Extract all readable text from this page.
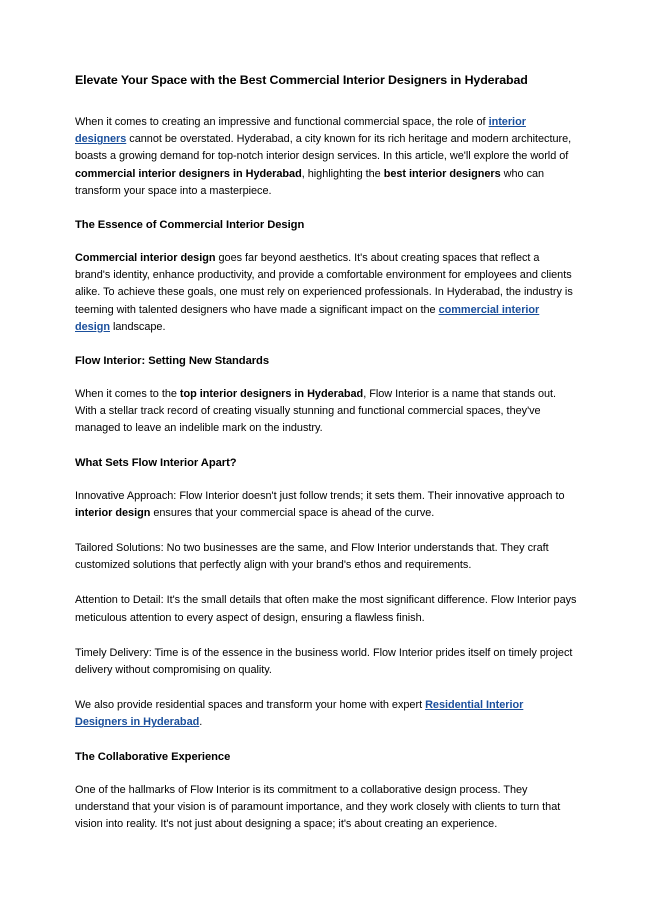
Elevate Your Space with the Best Commercial Interior Designers in Hyderabad

When it comes to creating an impressive and functional commercial space, the role of interior designers cannot be overstated. Hyderabad, a city known for its rich heritage and modern architecture, boasts a growing demand for top-notch interior design services. In this article, we'll explore the world of commercial interior designers in Hyderabad, highlighting the best interior designers who can transform your space into a masterpiece.

The Essence of Commercial Interior Design

Commercial interior design goes far beyond aesthetics. It's about creating spaces that reflect a brand's identity, enhance productivity, and provide a comfortable environment for employees and clients alike. To achieve these goals, one must rely on experienced professionals. In Hyderabad, the industry is teeming with talented designers who have made a significant impact on the commercial interior design landscape.

Flow Interior: Setting New Standards

When it comes to the top interior designers in Hyderabad, Flow Interior is a name that stands out. With a stellar track record of creating visually stunning and functional commercial spaces, they've managed to leave an indelible mark on the industry.

What Sets Flow Interior Apart?

Innovative Approach: Flow Interior doesn't just follow trends; it sets them. Their innovative approach to interior design ensures that your commercial space is ahead of the curve.

Tailored Solutions: No two businesses are the same, and Flow Interior understands that. They craft customized solutions that perfectly align with your brand's ethos and requirements.

Attention to Detail: It's the small details that often make the most significant difference. Flow Interior pays meticulous attention to every aspect of design, ensuring a flawless finish.

Timely Delivery: Time is of the essence in the business world. Flow Interior prides itself on timely project delivery without compromising on quality.

We also provide residential spaces and transform your home with expert Residential Interior Designers in Hyderabad.

The Collaborative Experience

One of the hallmarks of Flow Interior is its commitment to a collaborative design process. They understand that your vision is of paramount importance, and they work closely with clients to turn that vision into reality. It's not just about designing a space; it's about creating an experience.
